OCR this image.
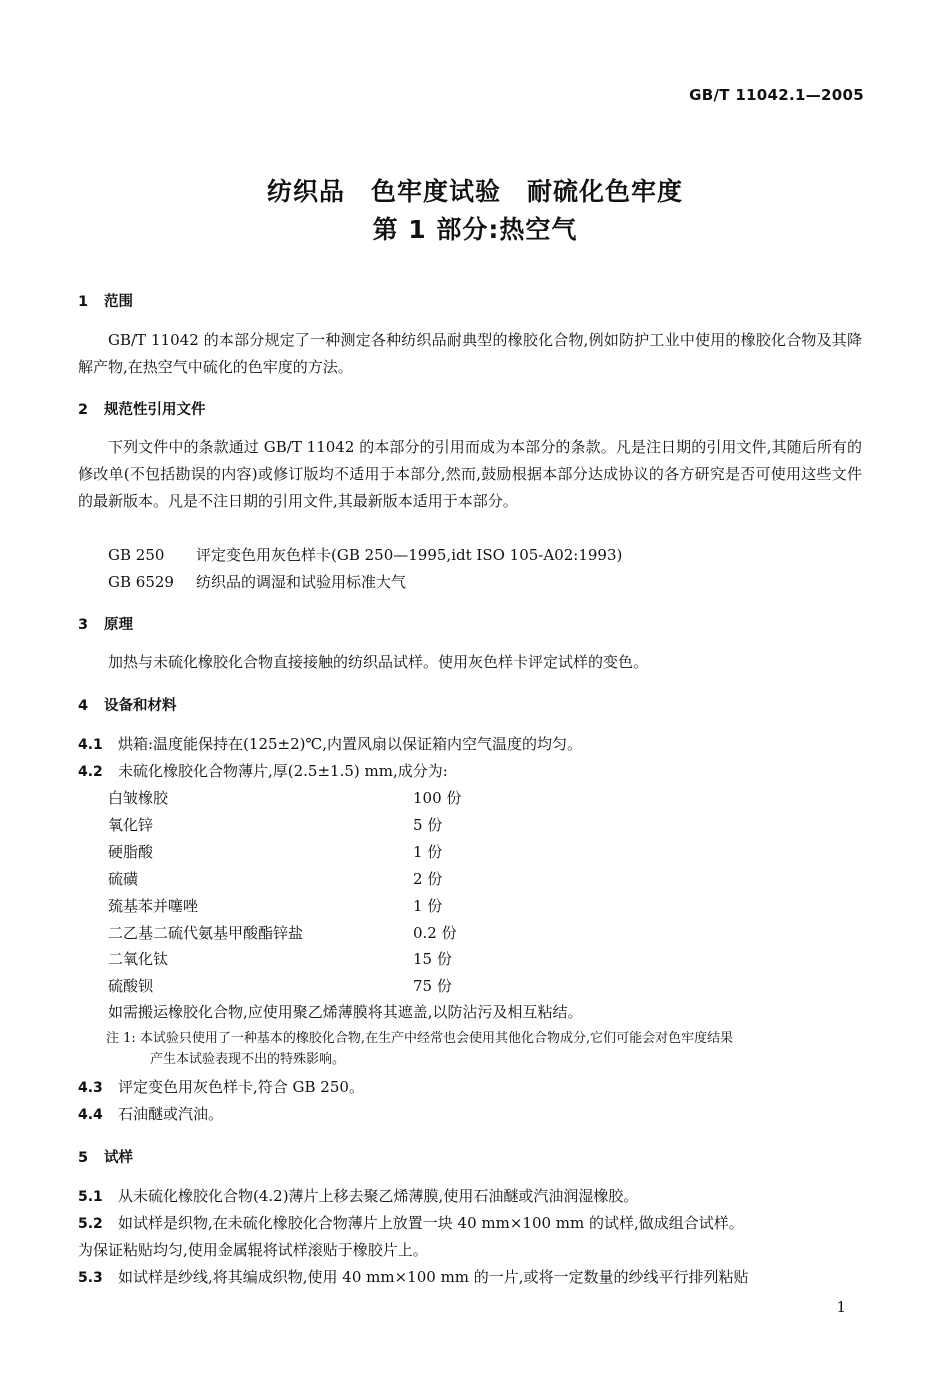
GB/T 11042.1—2005
纺织品　色牢度试验　耐硫化色牢度
第 1 部分:热空气
1 范围
GB/T 11042 的本部分规定了一种测定各种纺织品耐典型的橡胶化合物,例如防护工业中使用的橡胶化合物及其降解产物,在热空气中硫化的色牢度的方法。
2 规范性引用文件
下列文件中的条款通过 GB/T 11042 的本部分的引用而成为本部分的条款。凡是注日期的引用文件,其随后所有的修改单(不包括勘误的内容)或修订版均不适用于本部分,然而,鼓励根据本部分达成协议的各方研究是否可使用这些文件的最新版本。凡是不注日期的引用文件,其最新版本适用于本部分。
GB 250 评定变色用灰色样卡(GB 250—1995,idt ISO 105-A02:1993)
GB 6529 纺织品的调湿和试验用标准大气
3 原理
加热与未硫化橡胶化合物直接接触的纺织品试样。使用灰色样卡评定试样的变色。
4 设备和材料
4.1 烘箱:温度能保持在(125±2)℃,内置风扇以保证箱内空气温度的均匀。
4.2 未硫化橡胶化合物薄片,厚(2.5±1.5) mm,成分为:
白皱橡胶	100 份
氧化锌	5 份
硬脂酸	1 份
硫磺	2 份
巯基苯并噻唑	1 份
二乙基二硫代氨基甲酸酯锌盐	0.2 份
二氧化钛	15 份
硫酸钡	75 份
如需搬运橡胶化合物,应使用聚乙烯薄膜将其遮盖,以防沾污及相互粘结。
注 1: 本试验只使用了一种基本的橡胶化合物,在生产中经常也会使用其他化合物成分,它们可能会对色牢度结果
产生本试验表现不出的特殊影响。
4.3 评定变色用灰色样卡,符合 GB 250。
4.4 石油醚或汽油。
5 试样
5.1 从未硫化橡胶化合物(4.2)薄片上移去聚乙烯薄膜,使用石油醚或汽油润湿橡胶。
5.2 如试样是织物,在未硫化橡胶化合物薄片上放置一块 40 mm×100 mm 的试样,做成组合试样。
为保证粘贴均匀,使用金属辊将试样滚贴于橡胶片上。
5.3 如试样是纱线,将其编成织物,使用 40 mm×100 mm 的一片,或将一定数量的纱线平行排列粘贴
1
